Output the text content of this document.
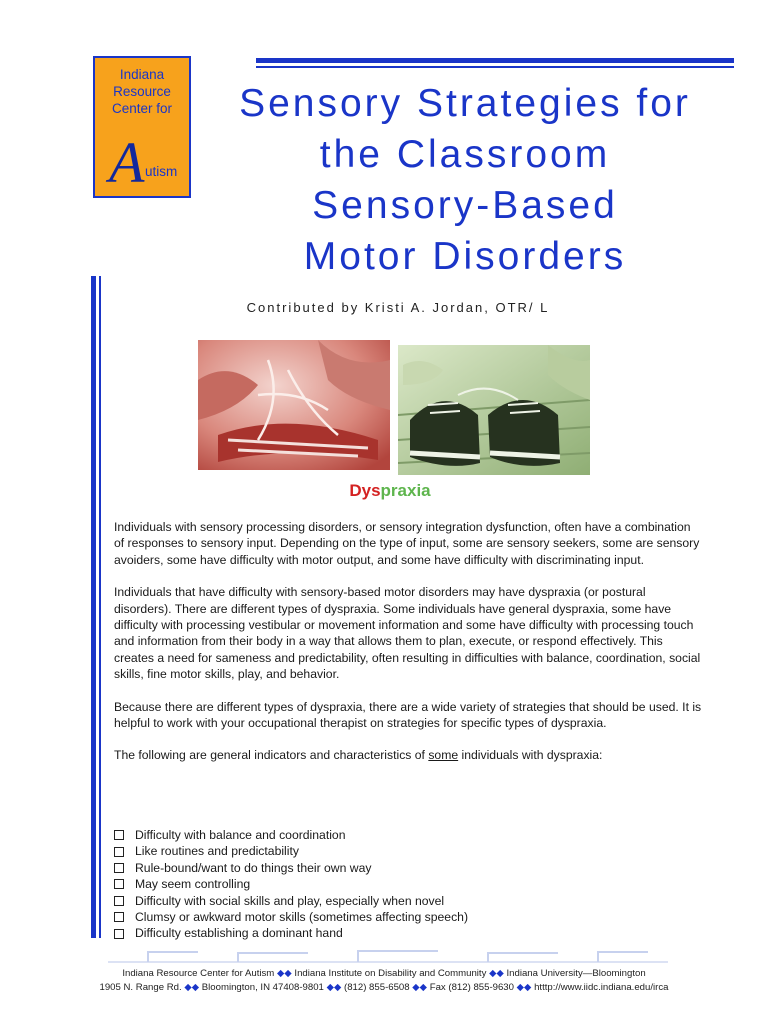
Indiana
Resource
Center for
A utism
Sensory Strategies for
the Classroom
Sensory-Based
Motor Disorders
Contributed by Kristi A. Jordan, OTR/ L
Dyspraxia

Individuals with sensory processing disorders, or sensory integration dysfunction, often have a combination of responses to sensory input. Depending on the type of input, some are sensory seekers, some are sensory avoiders, some have difficulty with motor output, and some have difficulty with discriminating input.

Individuals that have difficulty with sensory-based motor disorders may have dyspraxia (or postural disorders). There are different types of dyspraxia. Some individuals have general dyspraxia, some have difficulty with processing vestibular or movement information and some have difficulty with processing touch and information from their body in a way that allows them to plan, execute, or respond effectively. This creates a need for sameness and predictability, often resulting in difficulties with balance, coordination, social skills, fine motor skills, play, and behavior.

Because there are different types of dyspraxia, there are a wide variety of strategies that should be used. It is helpful to work with your occupational therapist on strategies for specific types of dyspraxia.

The following are general indicators and characteristics of some individuals with dyspraxia:

Difficulty with balance and coordination
Like routines and predictability
Rule-bound/want to do things their own way
May seem controlling
Difficulty with social skills and play, especially when novel
Clumsy or awkward motor skills (sometimes affecting speech)
Difficulty establishing a dominant hand
Indiana Resource Center for Autism ◆◆ Indiana Institute on Disability and Community ◆◆ Indiana University—Bloomington
1905 N. Range Rd. ◆◆ Bloomington, IN 47408-9801 ◆◆ (812) 855-6508 ◆◆ Fax (812) 855-9630 ◆◆ htttp://www.iidc.indiana.edu/irca
